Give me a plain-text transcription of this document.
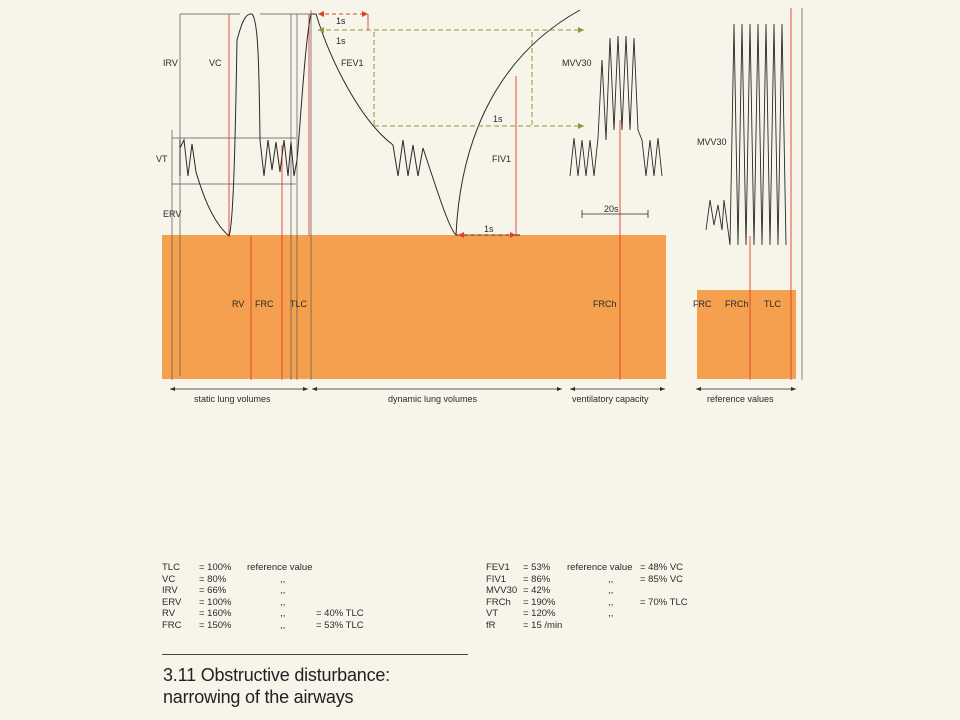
IRV	VC
VT
ERV
FEV1
FIV1
MVV30
MVV30
1s
1s
1s
1s
20s
RV FRC TLC	FRCh	FRC FRCh TLC
static lung volumes	dynamic lung volumes	ventilatory capacity	reference values
TLC = 100% reference value
VC	= 80%	,,
IRV = 66%	,,
ERV = 100%	,,
RV	= 160%	,,	= 40% TLC
FRC = 150%	,,	= 53% TLC
FEV1 = 53% reference value = 48% VC
FIV1 = 86%	,,	= 85% VC
MVV30 = 42%	,,
FRCh = 190%	,,	= 70% TLC
VT	= 120%	,,
fR	= 15 /min
3.11 Obstructive disturbance:
narrowing of the airways
